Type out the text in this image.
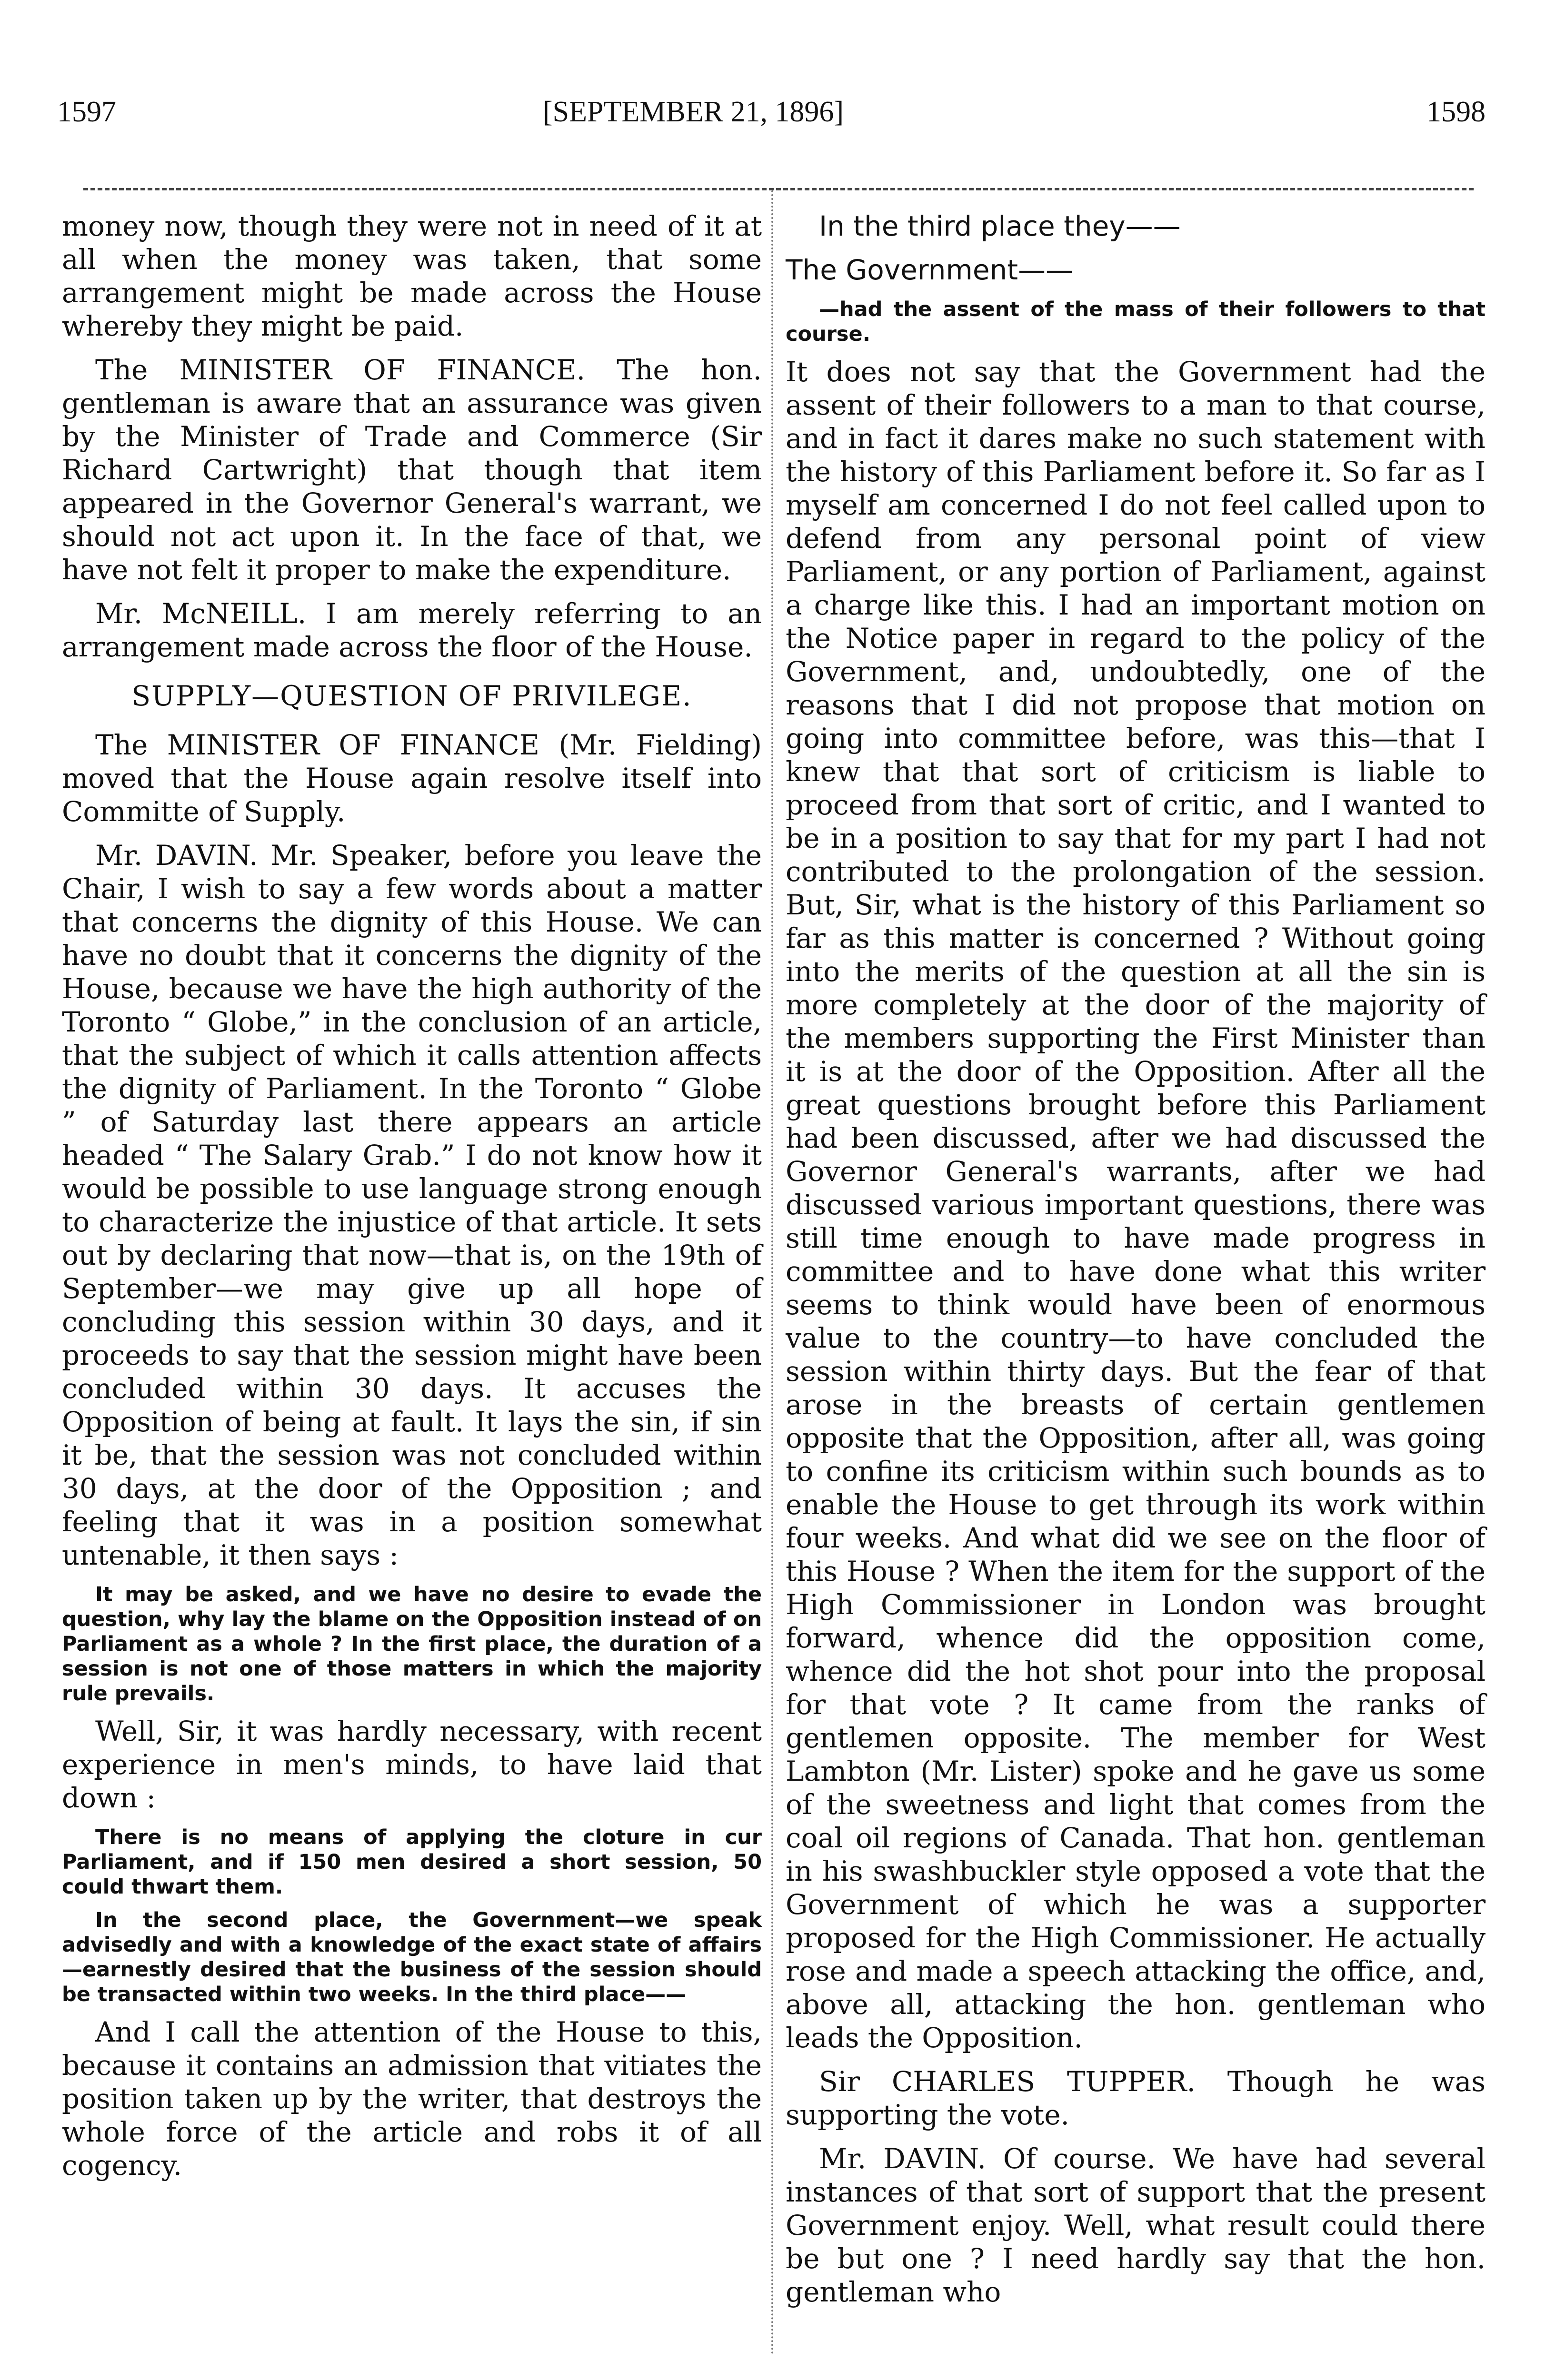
1597	[SEPTEMBER 21, 1896]	1598

money now, though they were not in need of it at all when the money was taken, that some arrangement might be made across the House whereby they might be paid.

The MINISTER OF FINANCE. The hon. gentleman is aware that an assurance was given by the Minister of Trade and Commerce (Sir Richard Cartwright) that though that item appeared in the Governor General's warrant, we should not act upon it. In the face of that, we have not felt it proper to make the expenditure.

Mr. McNEILL. I am merely referring to an arrangement made across the floor of the House.

SUPPLY—QUESTION OF PRIVILEGE.

The MINISTER OF FINANCE (Mr. Fielding) moved that the House again resolve itself into Committe of Supply.

Mr. DAVIN. Mr. Speaker, before you leave the Chair, I wish to say a few words about a matter that concerns the dignity of this House. We can have no doubt that it concerns the dignity of the House, because we have the high authority of the Toronto “ Globe,” in the conclusion of an article, that the subject of which it calls attention affects the dignity of Parliament. In the Toronto “ Globe ” of Saturday last there appears an article headed “ The Salary Grab.” I do not know how it would be possible to use language strong enough to characterize the injustice of that article. It sets out by declaring that now—that is, on the 19th of September—we may give up all hope of concluding this session within 30 days, and it proceeds to say that the session might have been concluded within 30 days. It accuses the Opposition of being at fault. It lays the sin, if sin it be, that the session was not concluded within 30 days, at the door of the Opposition ; and feeling that it was in a position somewhat untenable, it then says :

It may be asked, and we have no desire to evade the question, why lay the blame on the Opposition instead of on Parliament as a whole ? In the first place, the duration of a session is not one of those matters in which the majority rule prevails.

Well, Sir, it was hardly necessary, with recent experience in men's minds, to have laid that down :

There is no means of applying the cloture in cur Parliament, and if 150 men desired a short session, 50 could thwart them.

In the second place, the Government—we speak advisedly and with a knowledge of the exact state of affairs—earnestly desired that the business of the session should be transacted within two weeks. In the third place——

And I call the attention of the House to this, because it contains an admission that vitiates the position taken up by the writer, that destroys the whole force of the article and robs it of all cogency.

In the third place they——

The Government——

—had the assent of the mass of their followers to that course.

It does not say that the Government had the assent of their followers to a man to that course, and in fact it dares make no such statement with the history of this Parliament before it. So far as I myself am concerned I do not feel called upon to defend from any personal point of view Parliament, or any portion of Parliament, against a charge like this. I had an important motion on the Notice paper in regard to the policy of the Government, and, undoubtedly, one of the reasons that I did not propose that motion on going into committee before, was this—that I knew that that sort of criticism is liable to proceed from that sort of critic, and I wanted to be in a position to say that for my part I had not contributed to the prolongation of the session. But, Sir, what is the history of this Parliament so far as this matter is concerned ? Without going into the merits of the question at all the sin is more completely at the door of the majority of the members supporting the First Minister than it is at the door of the Opposition. After all the great questions brought before this Parliament had been discussed, after we had discussed the Governor General's warrants, after we had discussed various important questions, there was still time enough to have made progress in committee and to have done what this writer seems to think would have been of enormous value to the country—to have concluded the session within thirty days. But the fear of that arose in the breasts of certain gentlemen opposite that the Opposition, after all, was going to confine its criticism within such bounds as to enable the House to get through its work within four weeks. And what did we see on the floor of this House ? When the item for the support of the High Commissioner in London was brought forward, whence did the opposition come, whence did the hot shot pour into the proposal for that vote ? It came from the ranks of gentlemen opposite. The member for West Lambton (Mr. Lister) spoke and he gave us some of the sweetness and light that comes from the coal oil regions of Canada. That hon. gentleman in his swashbuckler style opposed a vote that the Government of which he was a supporter proposed for the High Commissioner. He actually rose and made a speech attacking the office, and, above all, attacking the hon. gentleman who leads the Opposition.

Sir CHARLES TUPPER. Though he was supporting the vote.

Mr. DAVIN. Of course. We have had several instances of that sort of support that the present Government enjoy. Well, what result could there be but one ? I need hardly say that the hon. gentleman who
